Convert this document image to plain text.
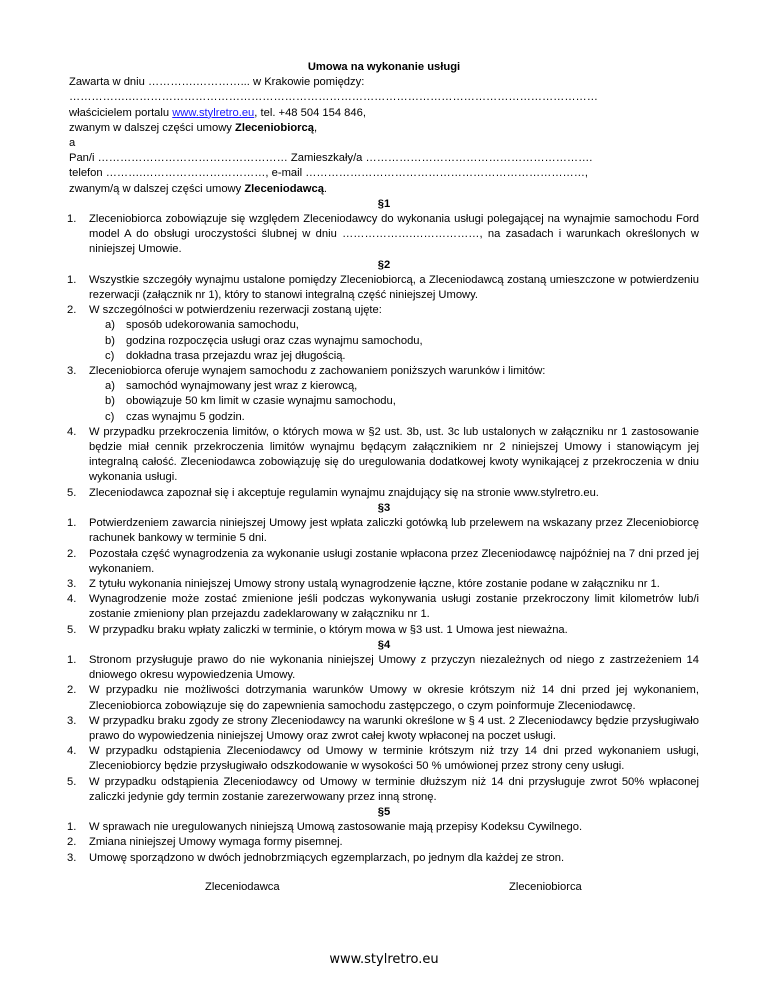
Umowa na wykonanie usługi
Zawarta w dniu ………….…………... w Krakowie pomiędzy:
…………….………………………………………………………………………………………………………………
właścicielem portalu www.stylretro.eu, tel. +48 504 154 846,
zwanym w dalszej części umowy Zleceniobiorcą,
a
Pan/i …………………………………………… Zamieszkały/a …………………………………………………….
telefon ……….……………………………, e-mail …………………………………………………………………,
zwanym/ą w dalszej części umowy Zleceniodawcą.
§1
1. Zleceniobiorca zobowiązuje się względem Zleceniodawcy do wykonania usługi polegającej na wynajmie samochodu Ford model A do obsługi uroczystości ślubnej w dniu ……………….………………, na zasadach i warunkach określonych w niniejszej Umowie.
§2
1. Wszystkie szczegóły wynajmu ustalone pomiędzy Zleceniobiorcą, a Zleceniodawcą zostaną umieszczone w potwierdzeniu rezerwacji (załącznik nr 1), który to stanowi integralną część niniejszej Umowy.
2. W szczególności w potwierdzeniu rezerwacji zostaną ujęte:
a) sposób udekorowania samochodu,
b) godzina rozpoczęcia usługi oraz czas wynajmu samochodu,
c) dokładna trasa przejazdu wraz jej długością.
3. Zleceniobiorca oferuje wynajem samochodu z zachowaniem poniższych warunków i limitów:
a) samochód wynajmowany jest wraz z kierowcą,
b) obowiązuje 50 km limit w czasie wynajmu samochodu,
c) czas wynajmu 5 godzin.
4. W przypadku przekroczenia limitów, o których mowa w §2 ust. 3b, ust. 3c lub ustalonych w załączniku nr 1 zastosowanie będzie miał cennik przekroczenia limitów wynajmu będącym załącznikiem nr 2 niniejszej Umowy i stanowiącym jej integralną całość. Zleceniodawca zobowiązuję się do uregulowania dodatkowej kwoty wynikającej z przekroczenia w dniu wykonania usługi.
5. Zleceniodawca zapoznał się i akceptuje regulamin wynajmu znajdujący się na stronie www.stylretro.eu.
§3
1. Potwierdzeniem zawarcia niniejszej Umowy jest wpłata zaliczki gotówką lub przelewem na wskazany przez Zleceniobiorcę rachunek bankowy w terminie 5 dni.
2. Pozostała część wynagrodzenia za wykonanie usługi zostanie wpłacona przez Zleceniodawcę najpóźniej na 7 dni przed jej wykonaniem.
3. Z tytułu wykonania niniejszej Umowy strony ustalą wynagrodzenie łączne, które zostanie podane w załączniku nr 1.
4. Wynagrodzenie może zostać zmienione jeśli podczas wykonywania usługi zostanie przekroczony limit kilometrów lub/i zostanie zmieniony plan przejazdu zadeklarowany w załączniku nr 1.
5. W przypadku braku wpłaty zaliczki w terminie, o którym mowa w §3 ust. 1 Umowa jest nieważna.
§4
1. Stronom przysługuje prawo do nie wykonania niniejszej Umowy z przyczyn niezależnych od niego z zastrzeżeniem 14 dniowego okresu wypowiedzenia Umowy.
2. W przypadku nie możliwości dotrzymania warunków Umowy w okresie krótszym niż 14 dni przed jej wykonaniem, Zleceniobiorca zobowiązuje się do zapewnienia samochodu zastępczego, o czym poinformuje Zleceniodawcę.
3. W przypadku braku zgody ze strony Zleceniodawcy na warunki określone w § 4 ust. 2 Zleceniodawcy będzie przysługiwało prawo do wypowiedzenia niniejszej Umowy oraz zwrot całej kwoty wpłaconej na poczet usługi.
4. W przypadku odstąpienia Zleceniodawcy od Umowy w terminie krótszym niż trzy 14 dni przed wykonaniem usługi, Zleceniobiorcy będzie przysługiwało odszkodowanie w wysokości 50 % umówionej przez strony ceny usługi.
5. W przypadku odstąpienia Zleceniodawcy od Umowy w terminie dłuższym niż 14 dni przysługuje zwrot 50% wpłaconej zaliczki jedynie gdy termin zostanie zarezerwowany przez inną stronę.
§5
1. W sprawach nie uregulowanych niniejszą Umową zastosowanie mają przepisy Kodeksu Cywilnego.
2. Zmiana niniejszej Umowy wymaga formy pisemnej.
3. Umowę sporządzono w dwóch jednobrzmiących egzemplarzach, po jednym dla każdej ze stron.
Zleceniodawca	Zleceniobiorca
www.stylretro.eu
